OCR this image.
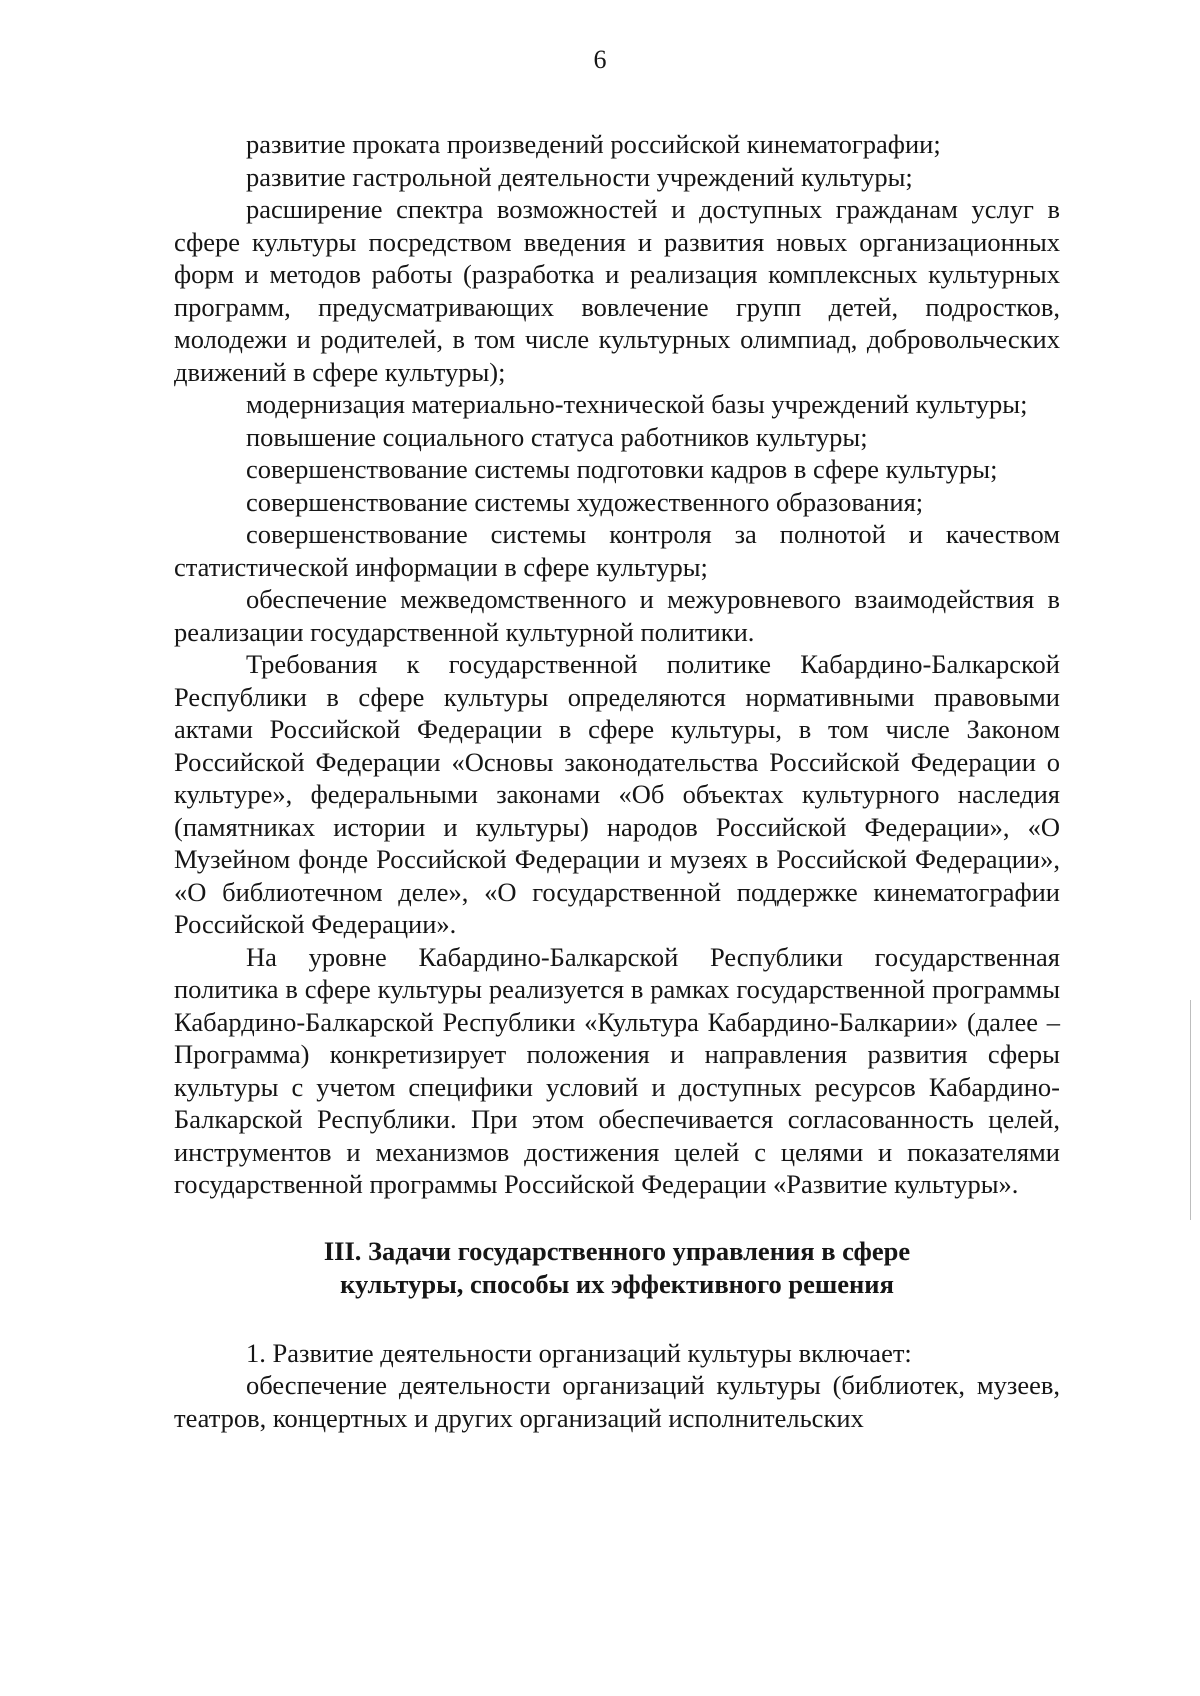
6

развитие проката произведений российской кинематографии;

развитие гастрольной деятельности учреждений культуры;

расширение спектра возможностей и доступных гражданам услуг в сфере культуры посредством введения и развития новых организационных форм и методов работы (разработка и реализация комплексных культурных программ, предусматривающих вовлечение групп детей, подростков, молодежи и родителей, в том числе культурных олимпиад, добровольческих движений в сфере культуры);

модернизация материально-технической базы учреждений культуры;

повышение социального статуса работников культуры;

совершенствование системы подготовки кадров в сфере культуры;

совершенствование системы художественного образования;

совершенствование системы контроля за полнотой и качеством статистической информации в сфере культуры;

обеспечение межведомственного и межуровневого взаимодействия в реализации государственной культурной политики.

Требования к государственной политике Кабардино-Балкарской Республики в сфере культуры определяются нормативными правовыми актами Российской Федерации в сфере культуры, в том числе Законом Российской Федерации «Основы законодательства Российской Федерации о культуре», федеральными законами «Об объектах культурного наследия (памятниках истории и культуры) народов Российской Федерации», «О Музейном фонде Российской Федерации и музеях в Российской Федерации», «О библиотечном деле», «О государственной поддержке кинематографии Российской Федерации».

На уровне Кабардино-Балкарской Республики государственная политика в сфере культуры реализуется в рамках государственной программы Кабардино-Балкарской Республики «Культура Кабардино-Балкарии» (далее – Программа) конкретизирует положения и направления развития сферы культуры с учетом специфики условий и доступных ресурсов Кабардино-Балкарской Республики. При этом обеспечивается согласованность целей, инструментов и механизмов достижения целей с целями и показателями государственной программы Российской Федерации «Развитие культуры».

III. Задачи государственного управления в сфере
культуры, способы их эффективного решения

1. Развитие деятельности организаций культуры включает:

обеспечение деятельности организаций культуры (библиотек, музеев, театров, концертных и других организаций исполнительских
